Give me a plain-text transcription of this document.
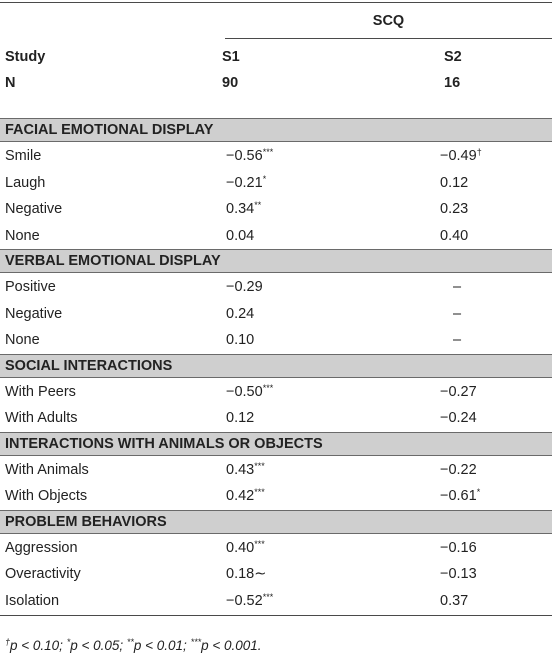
SCQ
Study	S1	S2
N	90	16
FACIAL EMOTIONAL DISPLAY
Smile	−0.56***	−0.49†
Laugh	−0.21*	0.12
Negative	0.34**	0.23
None	0.04	0.40
VERBAL EMOTIONAL DISPLAY
Positive	−0.29	–
Negative	0.24	–
None	0.10	–
SOCIAL INTERACTIONS
With Peers	−0.50***	−0.27
With Adults	0.12	−0.24
INTERACTIONS WITH ANIMALS OR OBJECTS
With Animals	0.43***	−0.22
With Objects	0.42***	−0.61*
PROBLEM BEHAVIORS
Aggression	0.40***	−0.16
Overactivity	0.18∼	−0.13
Isolation	−0.52***	0.37
†p < 0.10; *p < 0.05; **p < 0.01; ***p < 0.001.
